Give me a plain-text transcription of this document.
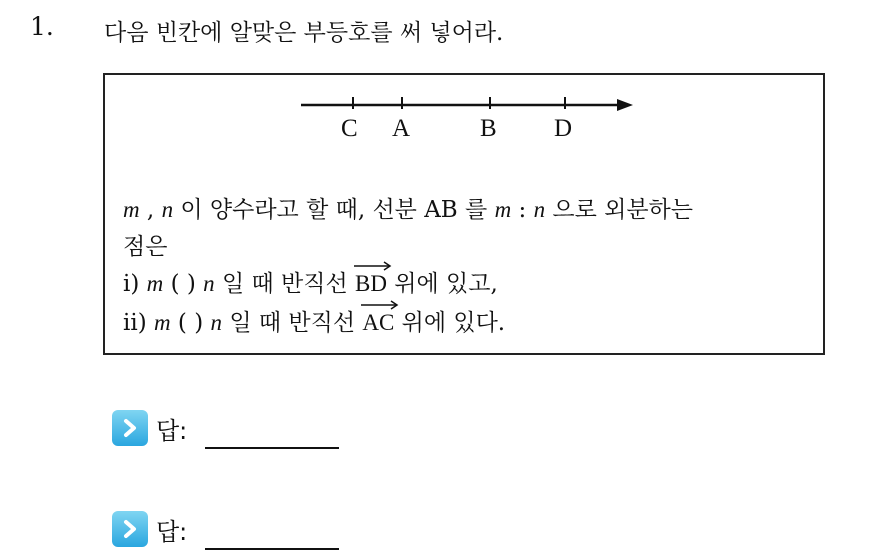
1. 다음 빈칸에 알맞은 부등호를 써 넣어라.
C A	B D
m , n 이 양수라고 할 때, 선분 AB 를 m : n 으로 외분하는
점은
ⅰ) m ( ) n 일 때 반직선
BD 위에 있고,
ⅱ) m ( ) n 일 때 반직선
AC 위에 있다.
답:
답:
